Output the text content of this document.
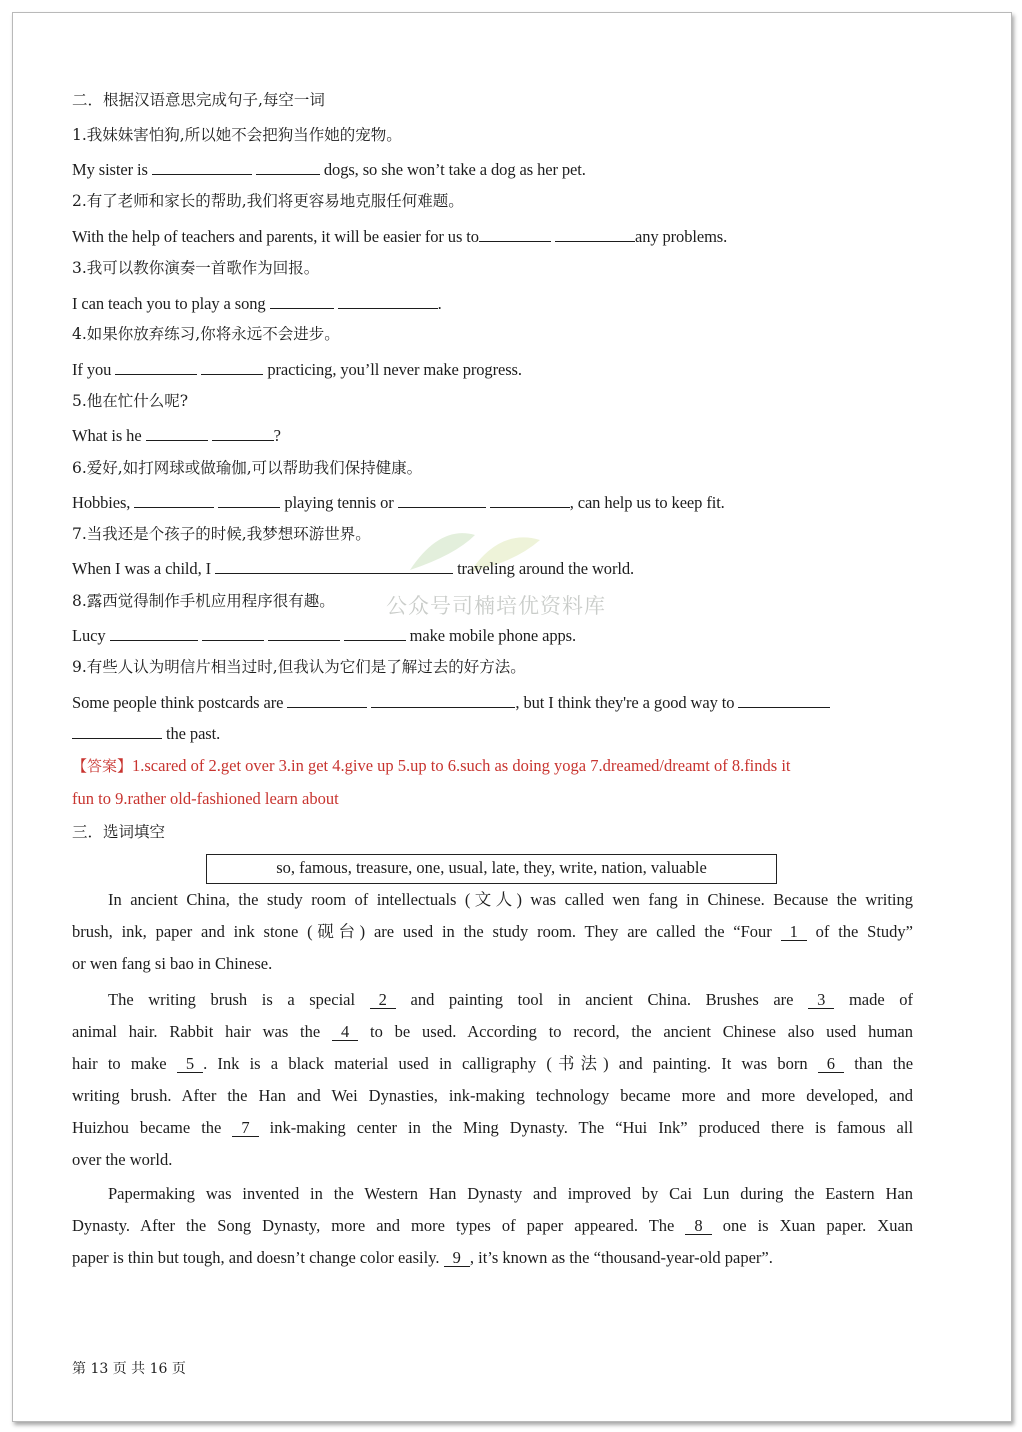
公众号司楠培优资料库
二．根据汉语意思完成句子,每空一词
1.我妹妹害怕狗,所以她不会把狗当作她的宠物。
My sister is	dogs, so she won’t take a dog as her pet.
2.有了老师和家长的帮助,我们将更容易地克服任何难题。
With the help of teachers and parents, it will be easier for us to	any problems.
3.我可以教你演奏一首歌作为回报。
I can teach you to play a song	.
4.如果你放弃练习,你将永远不会进步。
If you	practicing, you’ll never make progress.
5.他在忙什么呢?
What is he	?
6.爱好,如打网球或做瑜伽,可以帮助我们保持健康。
Hobbies,	playing tennis or	, can help us to keep fit.
7.当我还是个孩子的时候,我梦想环游世界。
When I was a child, I	traveling around the world.
8.露西觉得制作手机应用程序很有趣。
Lucy	make mobile phone apps.
9.有些人认为明信片相当过时,但我认为它们是了解过去的好方法。
Some people think postcards are	, but I think they're a good way to
the past.
【答案】1.scared of 2.get over 3.in get 4.give up 5.up to 6.such as doing yoga 7.dreamed/dreamt of 8.finds it
fun to 9.rather old-fashioned learn about
三．选词填空
so, famous, treasure, one, usual, late, they, write, nation, valuable
In ancient China, the study room of intellectuals (文人) was called wen fang in Chinese. Because the writing
brush, ink, paper and ink stone (砚台) are used in the study room. They are called the “Four 1 of the Study”
or wen fang si bao in Chinese.
The writing brush is a special 2 and painting tool in ancient China. Brushes are 3 made of
animal hair. Rabbit hair was the 4 to be used. According to record, the ancient Chinese also used human
hair to make 5 . Ink is a black material used in calligraphy (书法) and painting. It was born 6 than the
writing brush. After the Han and Wei Dynasties, ink-making technology became more and more developed, and
Huizhou became the 7 ink-making center in the Ming Dynasty. The “Hui Ink” produced there is famous all
over the world.
Papermaking was invented in the Western Han Dynasty and improved by Cai Lun during the Eastern Han
Dynasty. After the Song Dynasty, more and more types of paper appeared. The 8 one is Xuan paper. Xuan
paper is thin but tough, and doesn’t change color easily. 9 , it’s known as the “thousand-year-old paper”.
第 13 页 共 16 页
